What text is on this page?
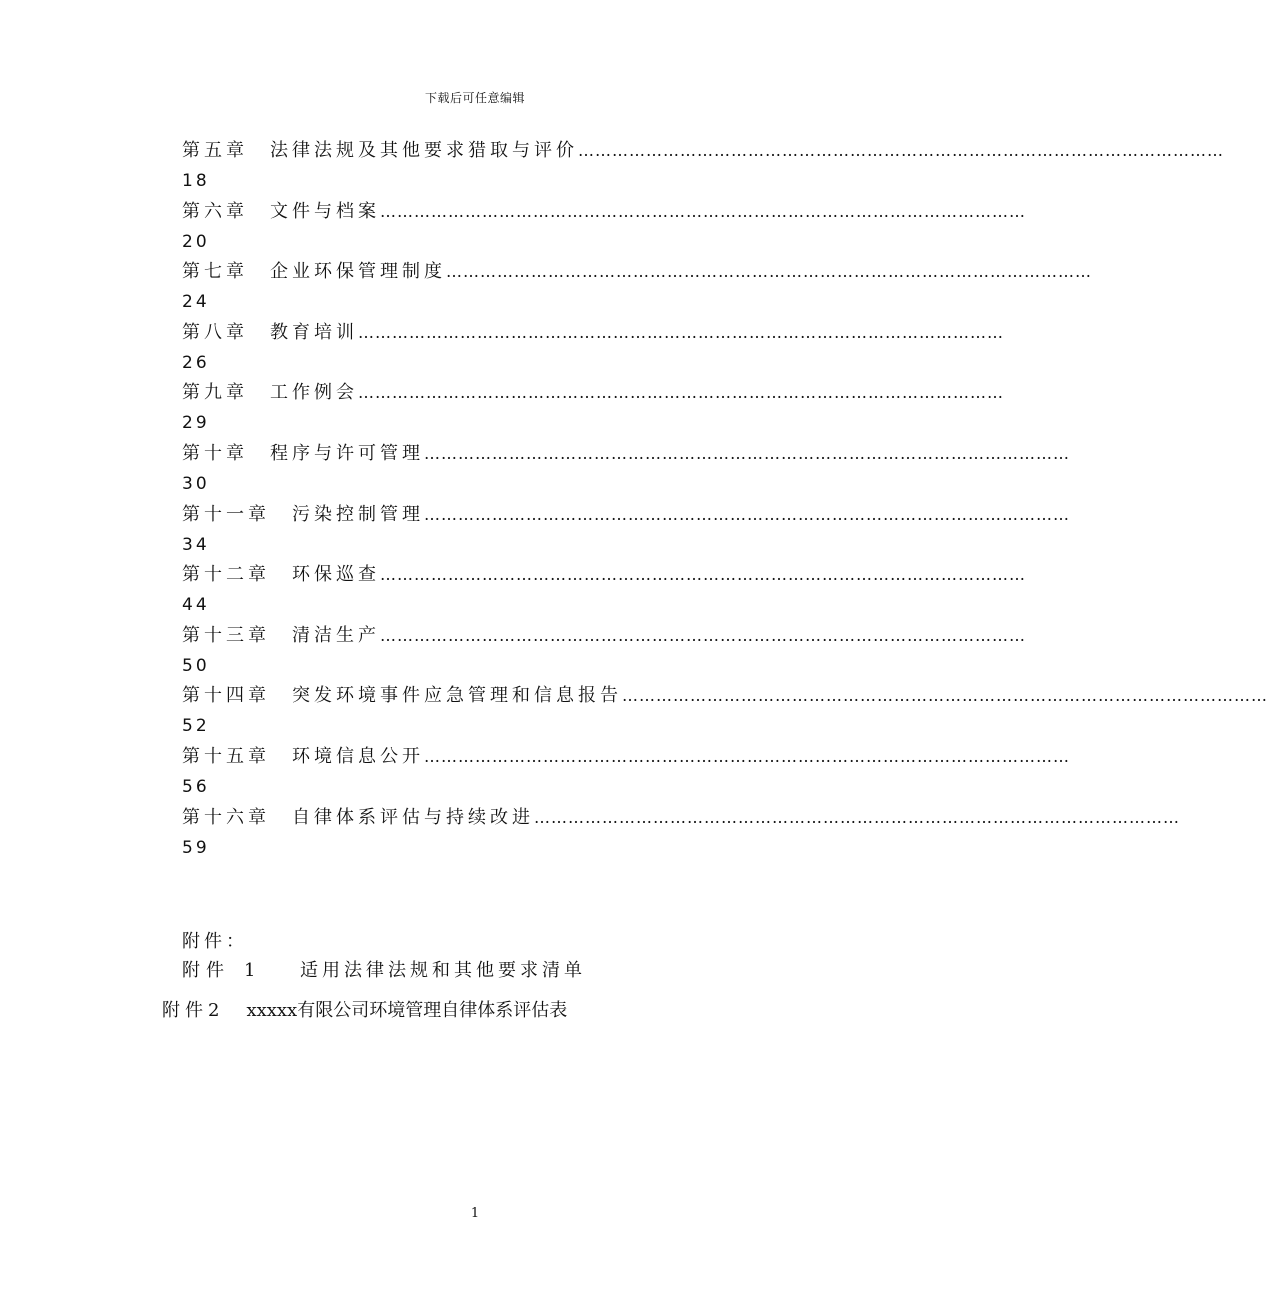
下载后可任意编辑
第五章 法律法规及其他要求猎取与评价 ……………………………………………………………………………………………………
18
第六章 文件与档案 ……………………………………………………………………………………………………
20
第七章 企业环保管理制度 ……………………………………………………………………………………………………
24
第八章 教育培训 ……………………………………………………………………………………………………
26
第九章 工作例会 ……………………………………………………………………………………………………
29
第十章 程序与许可管理 ……………………………………………………………………………………………………
30
第十一章 污染控制管理 ……………………………………………………………………………………………………
34
第十二章 环保巡查 ……………………………………………………………………………………………………
44
第十三章 清洁生产 ……………………………………………………………………………………………………
50
第十四章 突发环境事件应急管理和信息报告 ……………………………………………………………………………………………………
52
第十五章 环境信息公开 ……………………………………………………………………………………………………
56
第十六章 自律体系评估与持续改进 ……………………………………………………………………………………………………
59
附件：
附件 1 适用法律法规和其他要求清单
附件2 xxxxx有限公司环境管理自律体系评估表
1
